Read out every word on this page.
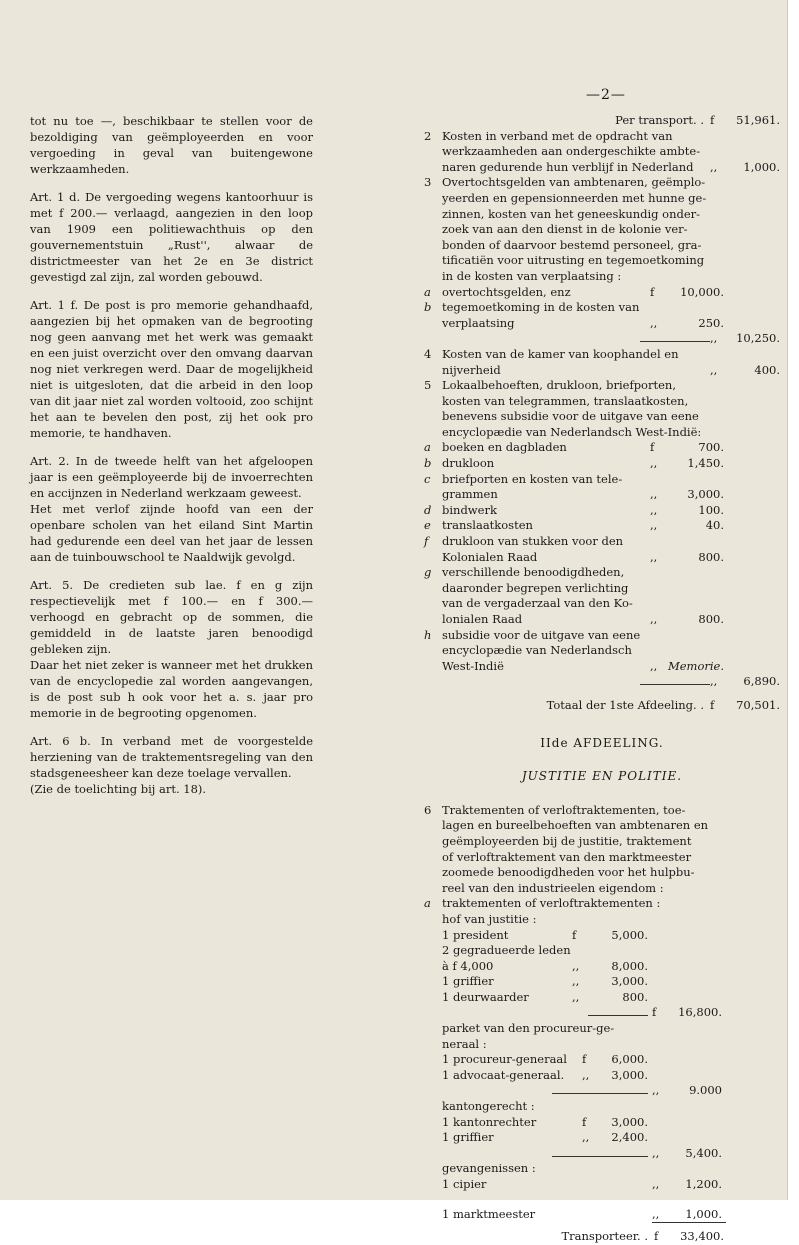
—2—

tot nu toe —, beschikbaar te stellen voor de bezoldiging van geëmployeerden en voor vergoeding in geval van buitengewone werkzaamheden.

Art. 1 d. De vergoeding wegens kantoorhuur is met f 200.— verlaagd, aangezien in den loop van 1909 een politiewachthuis op den gouvernementstuin „Rust'', alwaar de districtmeester van het 2e en 3e district gevestigd zal zijn, zal worden gebouwd.

Art. 1 f. De post is pro memorie gehandhaafd, aangezien bij het opmaken van de begrooting nog geen aanvang met het werk was gemaakt en een juist overzicht over den omvang daarvan nog niet verkregen werd. Daar de mogelijkheid niet is uitgesloten, dat die arbeid in den loop van dit jaar niet zal worden voltooid, zoo schijnt het aan te bevelen den post, zij het ook pro memorie, te handhaven.

Art. 2. In de tweede helft van het afgeloopen jaar is een geëmployeerde bij de invoerrechten en accijnzen in Nederland werkzaam geweest.

Het met verlof zijnde hoofd van een der openbare scholen van het eiland Sint Martin had gedurende een deel van het jaar de lessen aan de tuinbouwschool te Naaldwijk gevolgd.

Art. 5. De credieten sub lae. f en g zijn respectievelijk met f 100.— en f 300.— verhoogd en gebracht op de sommen, die gemiddeld in de laatste jaren benoodigd gebleken zijn.

Daar het niet zeker is wanneer met het drukken van de encyclopedie zal worden aangevangen, is de post sub h ook voor het a. s. jaar pro memorie in de begrooting opgenomen.

Art. 6 b. In verband met de voorgestelde herziening van de traktementsregeling van den stadsgeneesheer kan deze toelage vervallen.

(Zie de toelichting bij art. 18).

Per transport. . f	51,961.
2 Kosten in verband met de opdracht van
werkzaamheden aan ondergeschikte ambte-
naren gedurende hun verblijf in Nederland	,,	1,000.
3 Overtochtsgelden van ambtenaren, geëmplo-
yeerden en gepensionneerden met hunne ge-
zinnen, kosten van het geneeskundig onder-
zoek van aan den dienst in de kolonie ver-
bonden of daarvoor bestemd personeel, gra-
tificatiën voor uitrusting en tegemoetkoming
in de kosten van verplaatsing :
a overtochtsgelden, enz	f	10,000.
b tegemoetkoming in de kosten van
verplaatsing	,,	250.
,,	10,250.
4 Kosten van de kamer van koophandel en
nijverheid	,,	400.
5 Lokaalbehoeften, drukloon, briefporten,
kosten van telegrammen, translaatkosten,
benevens subsidie voor de uitgave van eene
encyclopædie van Nederlandsch West-Indië:
a boeken en dagbladen	f	700.
b drukloon	,,	1,450.
c	briefporten en kosten van tele-
grammen	,,	3,000.
d bindwerk	,,	100.
e translaatkosten	,,	40.
f	drukloon van stukken voor den
Kolonialen Raad	,,	800.
g verschillende benoodigdheden,
daaronder begrepen verlichting
van de vergaderzaal van den Ko-
lonialen Raad	,,	800.
h subsidie voor de uitgave van eene
encyclopædie van Nederlandsch
West-Indië	,, Memorie.
,,	6,890.
Totaal der 1ste Afdeeling. . f	70,501.
IIde AFDEELING.
JUSTITIE EN POLITIE.
6 Traktementen of verloftraktementen, toe-
lagen en bureelbehoeften van ambtenaren en
geëmployeerden bij de justitie, traktement
of verloftraktement van den marktmeester
zoomede benoodigdheden voor het hulpbu-
reel van den industrieelen eigendom :
a traktementen of verloftraktementen :
hof van justitie :
1 president	f	5,000.
2 gegradueerde leden
à f 4,000	,,	8,000.
1 griffier	,,	3,000.
1 deurwaarder	,,	800.
f	16,800.
parket van den procureur-ge-
neraal :
1 procureur-generaal	f	6,000.
1 advocaat-generaal.	,,	3,000.
,,	9.000
kantongerecht :
1 kantonrechter	f	3,000.
1 griffier	,,	2,400.
,,	5,400.
gevangenissen :
1 cipier	,,	1,200.
1 marktmeester	,,	1,000.
Transporteer. . f	33,400.
